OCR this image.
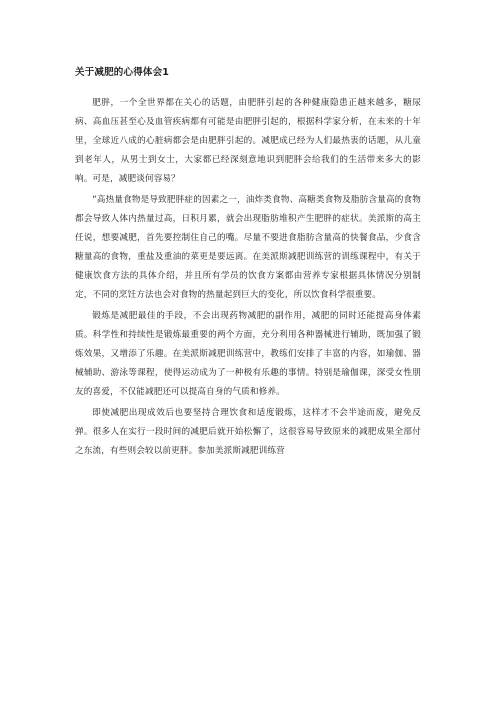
关于减肥的心得体会1

肥胖，一个全世界都在关心的话题，由肥胖引起的各种健康隐患正越来越多，糖尿病、高血压甚至心及血管疾病都有可能是由肥胖引起的，根据科学家分析，在未来的十年里，全球近八成的心脏病都会是由肥胖引起的。减肥成已经为人们最热衷的话题，从儿童到老年人，从男士到女士，大家都已经深刻意地识到肥胖会给我们的生活带来多大的影响。可是，减肥谈何容易？

“高热量食物是导致肥胖症的因素之一，油炸类食物、高糖类食物及脂肪含量高的食物都会导致人体内热量过高，日积月累，就会出现脂肪堆积产生肥胖的症状。美派斯的高主任说，想要减肥，首先要控制住自己的嘴。尽量不要进食脂肪含量高的快餐食品，少食含糖量高的食物，重盐及重油的菜更是要远离。在美派斯减肥训练营的训练课程中，有关于健康饮食方法的具体介绍，并且所有学员的饮食方案都由营养专家根据具体情况分别制定，不同的烹饪方法也会对食物的热量起到巨大的变化，所以饮食科学很重要。

锻炼是减肥最佳的手段，不会出现药物减肥的副作用，减肥的同时还能提高身体素质。科学性和持续性是锻炼最重要的两个方面，充分利用各种器械进行辅助，既加强了锻炼效果，又增添了乐趣。在美派斯减肥训练营中，教练们安排了丰富的内容，如瑜伽、器械辅助、游泳等课程，使得运动成为了一种极有乐趣的事情。特别是瑜伽课，深受女性朋友的喜爱，不仅能减肥还可以提高自身的气质和修养。

即使减肥出现成效后也要坚持合理饮食和适度锻炼，这样才不会半途而废，避免反弹。很多人在实行一段时间的减肥后就开始松懈了，这很容易导致原来的减肥成果全部付之东流，有些则会较以前更胖。参加美派斯减肥训练营
